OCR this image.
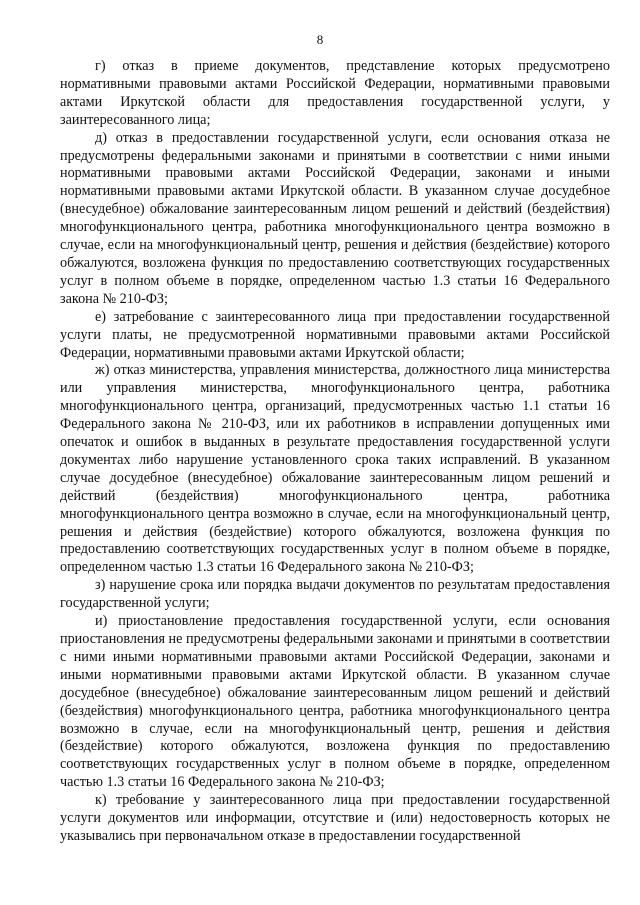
8

г) отказ в приеме документов, представление которых предусмотрено нормативными правовыми актами Российской Федерации, нормативными правовыми актами Иркутской области для предоставления государственной услуги, у заинтересованного лица;

д) отказ в предоставлении государственной услуги, если основания отказа не предусмотрены федеральными законами и принятыми в соответствии с ними иными нормативными правовыми актами Российской Федерации, законами и иными нормативными правовыми актами Иркутской области. В указанном случае досудебное (внесудебное) обжалование заинтересованным лицом решений и действий (бездействия) многофункционального центра, работника многофункционального центра возможно в случае, если на многофункциональный центр, решения и действия (бездействие) которого обжалуются, возложена функция по предоставлению соответствующих государственных услуг в полном объеме в порядке, определенном частью 1.3 статьи 16 Федерального закона № 210-ФЗ;

е) затребование с заинтересованного лица при предоставлении государственной услуги платы, не предусмотренной нормативными правовыми актами Российской Федерации, нормативными правовыми актами Иркутской области;

ж) отказ министерства, управления министерства, должностного лица министерства или управления министерства, многофункционального центра, работника многофункционального центра, организаций, предусмотренных частью 1.1 статьи 16 Федерального закона № 210-ФЗ, или их работников в исправлении допущенных ими опечаток и ошибок в выданных в результате предоставления государственной услуги документах либо нарушение установленного срока таких исправлений. В указанном случае досудебное (внесудебное) обжалование заинтересованным лицом решений и действий (бездействия) многофункционального центра, работника многофункционального центра возможно в случае, если на многофункциональный центр, решения и действия (бездействие) которого обжалуются, возложена функция по предоставлению соответствующих государственных услуг в полном объеме в порядке, определенном частью 1.3 статьи 16 Федерального закона № 210-ФЗ;

з) нарушение срока или порядка выдачи документов по результатам предоставления государственной услуги;

и) приостановление предоставления государственной услуги, если основания приостановления не предусмотрены федеральными законами и принятыми в соответствии с ними иными нормативными правовыми актами Российской Федерации, законами и иными нормативными правовыми актами Иркутской области. В указанном случае досудебное (внесудебное) обжалование заинтересованным лицом решений и действий (бездействия) многофункционального центра, работника многофункционального центра возможно в случае, если на многофункциональный центр, решения и действия (бездействие) которого обжалуются, возложена функция по предоставлению соответствующих государственных услуг в полном объеме в порядке, определенном частью 1.3 статьи 16 Федерального закона № 210-ФЗ;

к) требование у заинтересованного лица при предоставлении государственной услуги документов или информации, отсутствие и (или) недостоверность которых не указывались при первоначальном отказе в предоставлении государственной
